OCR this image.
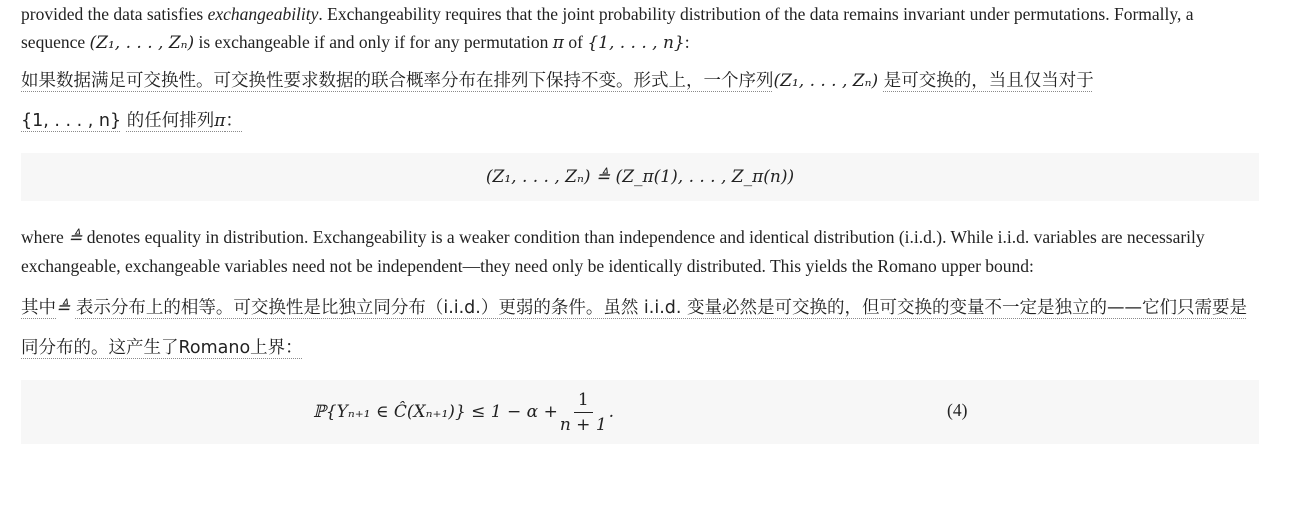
provided the data satisfies exchangeability. Exchangeability requires that the joint probability distribution of the data remains invariant under permutations. Formally, a sequence (Z₁, . . . , Zₙ) is exchangeable if and only if for any permutation π of {1, . . . , n}:

如果数据满足可交换性。可交换性要求数据的联合概率分布在排列下保持不变。形式上，一个序列(Z₁, . . . , Zₙ) 是可交换的，当且仅当对于
{1, . . . , n} 的任何排列π：

(Z₁, . . . , Zₙ) ≜ (Z_π(1), . . . , Z_π(n))

where ≜ denotes equality in distribution. Exchangeability is a weaker condition than independence and identical distribution (i.i.d.). While i.i.d. variables are necessarily exchangeable, exchangeable variables need not be independent—they need only be identically distributed. This yields the Romano upper bound:

其中≜ 表示分布上的相等。可交换性是比独立同分布（i.i.d.）更弱的条件。虽然 i.i.d. 变量必然是可交换的，但可交换的变量不一定是独立的——它们只需要是同分布的。这产生了Romano上界：

ℙ{Yₙ₊₁ ∈ Ĉ(Xₙ₊₁)} ≤ $1 - \alpha + \frac{1}{n + 1}$ .	(4)
